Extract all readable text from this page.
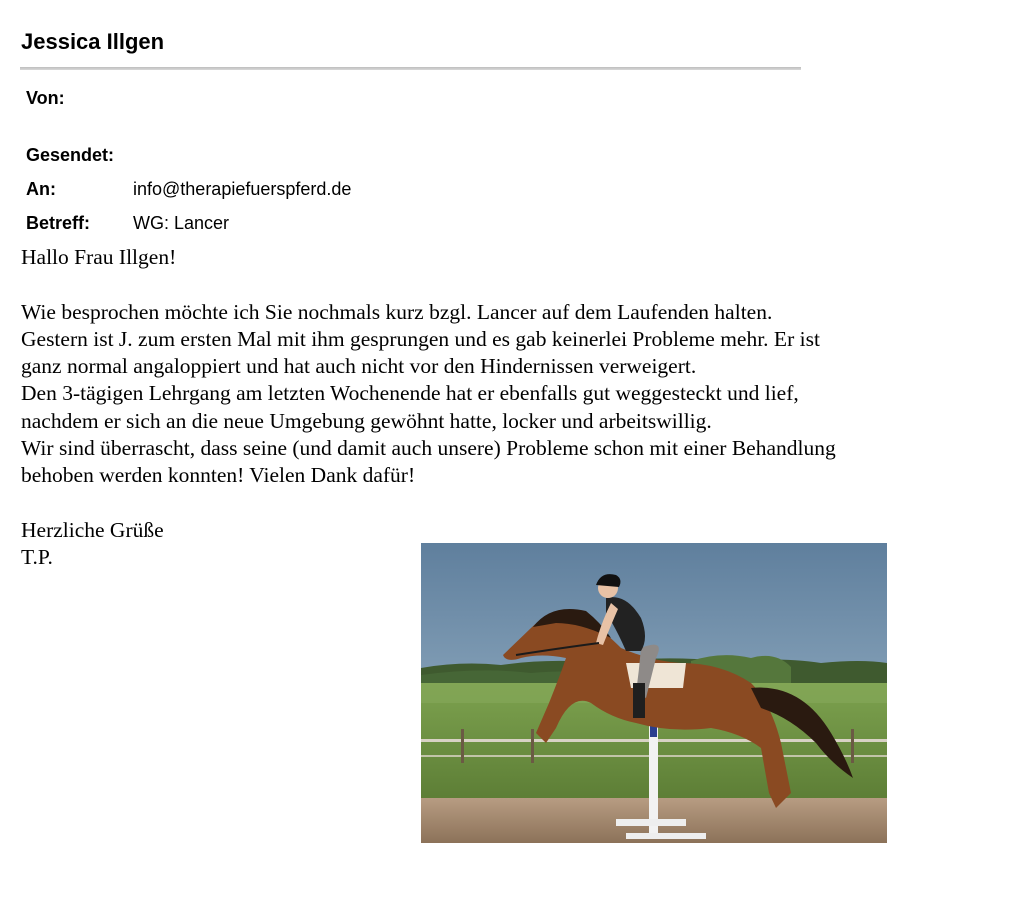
Jessica Illgen
Von:
Gesendet:
An:	info@therapiefuerspferd.de
Betreff: WG: Lancer

Hallo Frau Illgen!

Wie besprochen möchte ich Sie nochmals kurz bzgl. Lancer auf dem Laufenden halten.

Gestern ist J. zum ersten Mal mit ihm gesprungen und es gab keinerlei Probleme mehr. Er ist

ganz normal angaloppiert und hat auch nicht vor den Hindernissen verweigert.

Den 3-tägigen Lehrgang am letzten Wochenende hat er ebenfalls gut weggesteckt und lief,

nachdem er sich an die neue Umgebung gewöhnt hatte, locker und arbeitswillig.

Wir sind überrascht, dass seine (und damit auch unsere) Probleme schon mit einer Behandlung

behoben werden konnten! Vielen Dank dafür!

Herzliche Grüße

T.P.
